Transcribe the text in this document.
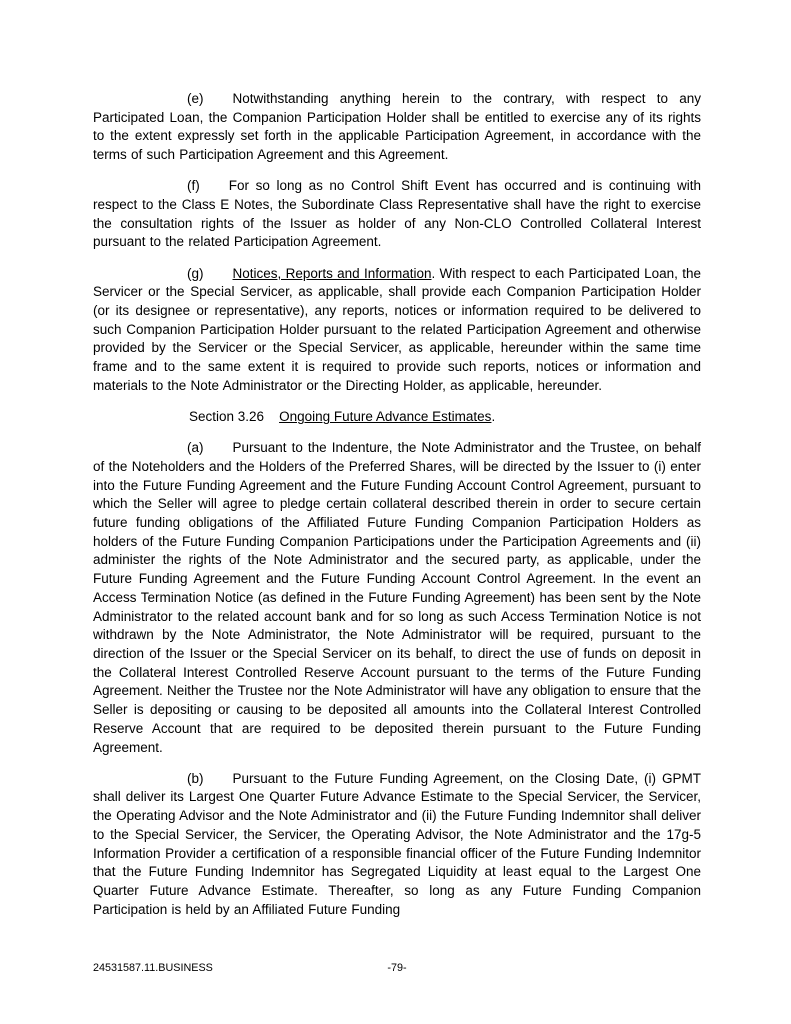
(e) Notwithstanding anything herein to the contrary, with respect to any Participated Loan, the Companion Participation Holder shall be entitled to exercise any of its rights to the extent expressly set forth in the applicable Participation Agreement, in accordance with the terms of such Participation Agreement and this Agreement.

(f) For so long as no Control Shift Event has occurred and is continuing with respect to the Class E Notes, the Subordinate Class Representative shall have the right to exercise the consultation rights of the Issuer as holder of any Non-CLO Controlled Collateral Interest pursuant to the related Participation Agreement.

(g) Notices, Reports and Information. With respect to each Participated Loan, the Servicer or the Special Servicer, as applicable, shall provide each Companion Participation Holder (or its designee or representative), any reports, notices or information required to be delivered to such Companion Participation Holder pursuant to the related Participation Agreement and otherwise provided by the Servicer or the Special Servicer, as applicable, hereunder within the same time frame and to the same extent it is required to provide such reports, notices or information and materials to the Note Administrator or the Directing Holder, as applicable, hereunder.

Section 3.26 Ongoing Future Advance Estimates.

(a) Pursuant to the Indenture, the Note Administrator and the Trustee, on behalf of the Noteholders and the Holders of the Preferred Shares, will be directed by the Issuer to (i) enter into the Future Funding Agreement and the Future Funding Account Control Agreement, pursuant to which the Seller will agree to pledge certain collateral described therein in order to secure certain future funding obligations of the Affiliated Future Funding Companion Participation Holders as holders of the Future Funding Companion Participations under the Participation Agreements and (ii) administer the rights of the Note Administrator and the secured party, as applicable, under the Future Funding Agreement and the Future Funding Account Control Agreement. In the event an Access Termination Notice (as defined in the Future Funding Agreement) has been sent by the Note Administrator to the related account bank and for so long as such Access Termination Notice is not withdrawn by the Note Administrator, the Note Administrator will be required, pursuant to the direction of the Issuer or the Special Servicer on its behalf, to direct the use of funds on deposit in the Collateral Interest Controlled Reserve Account pursuant to the terms of the Future Funding Agreement. Neither the Trustee nor the Note Administrator will have any obligation to ensure that the Seller is depositing or causing to be deposited all amounts into the Collateral Interest Controlled Reserve Account that are required to be deposited therein pursuant to the Future Funding Agreement.

(b) Pursuant to the Future Funding Agreement, on the Closing Date, (i) GPMT shall deliver its Largest One Quarter Future Advance Estimate to the Special Servicer, the Servicer, the Operating Advisor and the Note Administrator and (ii) the Future Funding Indemnitor shall deliver to the Special Servicer, the Servicer, the Operating Advisor, the Note Administrator and the 17g-5 Information Provider a certification of a responsible financial officer of the Future Funding Indemnitor that the Future Funding Indemnitor has Segregated Liquidity at least equal to the Largest One Quarter Future Advance Estimate. Thereafter, so long as any Future Funding Companion Participation is held by an Affiliated Future Funding

24531587.11.BUSINESS	-79-
